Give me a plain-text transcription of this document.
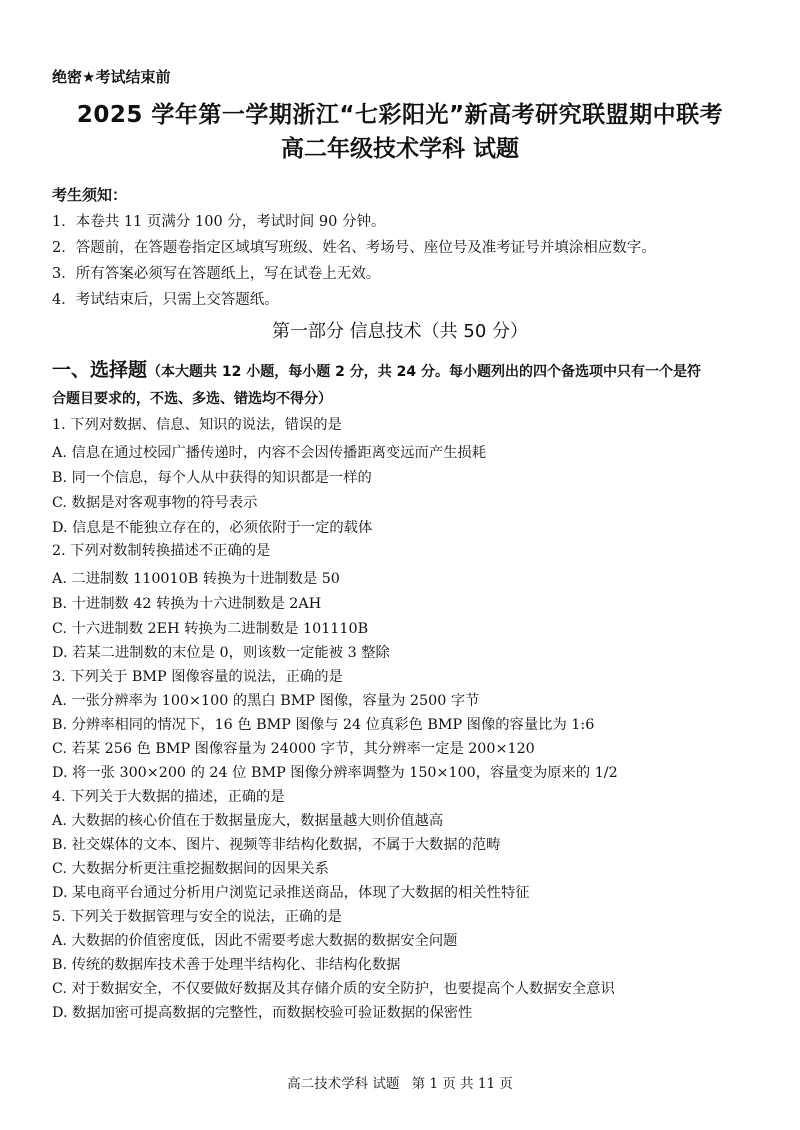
绝密★考试结束前
2025 学年第一学期浙江“七彩阳光”新高考研究联盟期中联考
高二年级技术学科 试题
考生须知：
1．本卷共 11 页满分 100 分，考试时间 90 分钟。
2．答题前，在答题卷指定区域填写班级、姓名、考场号、座位号及准考证号并填涂相应数字。
3．所有答案必须写在答题纸上，写在试卷上无效。
4．考试结束后，只需上交答题纸。
第一部分 信息技术（共 50 分）
一、选择题（本大题共 12 小题，每小题 2 分，共 24 分。每小题列出的四个备选项中只有一个是符
合题目要求的，不选、多选、错选均不得分）
1. 下列对数据、信息、知识的说法，错误的是
A. 信息在通过校园广播传递时，内容不会因传播距离变远而产生损耗
B. 同一个信息，每个人从中获得的知识都是一样的
C. 数据是对客观事物的符号表示
D. 信息是不能独立存在的，必须依附于一定的载体
2. 下列对数制转换描述不正确的是
A. 二进制数 110010B 转换为十进制数是 50
B. 十进制数 42 转换为十六进制数是 2AH
C. 十六进制数 2EH 转换为二进制数是 101110B
D. 若某二进制数的末位是 0，则该数一定能被 3 整除
3. 下列关于 BMP 图像容量的说法，正确的是
A. 一张分辨率为 100×100 的黑白 BMP 图像，容量为 2500 字节
B. 分辨率相同的情况下，16 色 BMP 图像与 24 位真彩色 BMP 图像的容量比为 1:6
C. 若某 256 色 BMP 图像容量为 24000 字节，其分辨率一定是 200×120
D. 将一张 300×200 的 24 位 BMP 图像分辨率调整为 150×100，容量变为原来的 1/2
4. 下列关于大数据的描述，正确的是
A. 大数据的核心价值在于数据量庞大，数据量越大则价值越高
B. 社交媒体的文本、图片、视频等非结构化数据，不属于大数据的范畴
C. 大数据分析更注重挖掘数据间的因果关系
D. 某电商平台通过分析用户浏览记录推送商品，体现了大数据的相关性特征
5. 下列关于数据管理与安全的说法，正确的是
A. 大数据的价值密度低，因此不需要考虑大数据的数据安全问题
B. 传统的数据库技术善于处理半结构化、非结构化数据
C. 对于数据安全，不仅要做好数据及其存储介质的安全防护，也要提高个人数据安全意识
D. 数据加密可提高数据的完整性，而数据校验可验证数据的保密性
高二技术学科 试题 第 1 页 共 11 页
